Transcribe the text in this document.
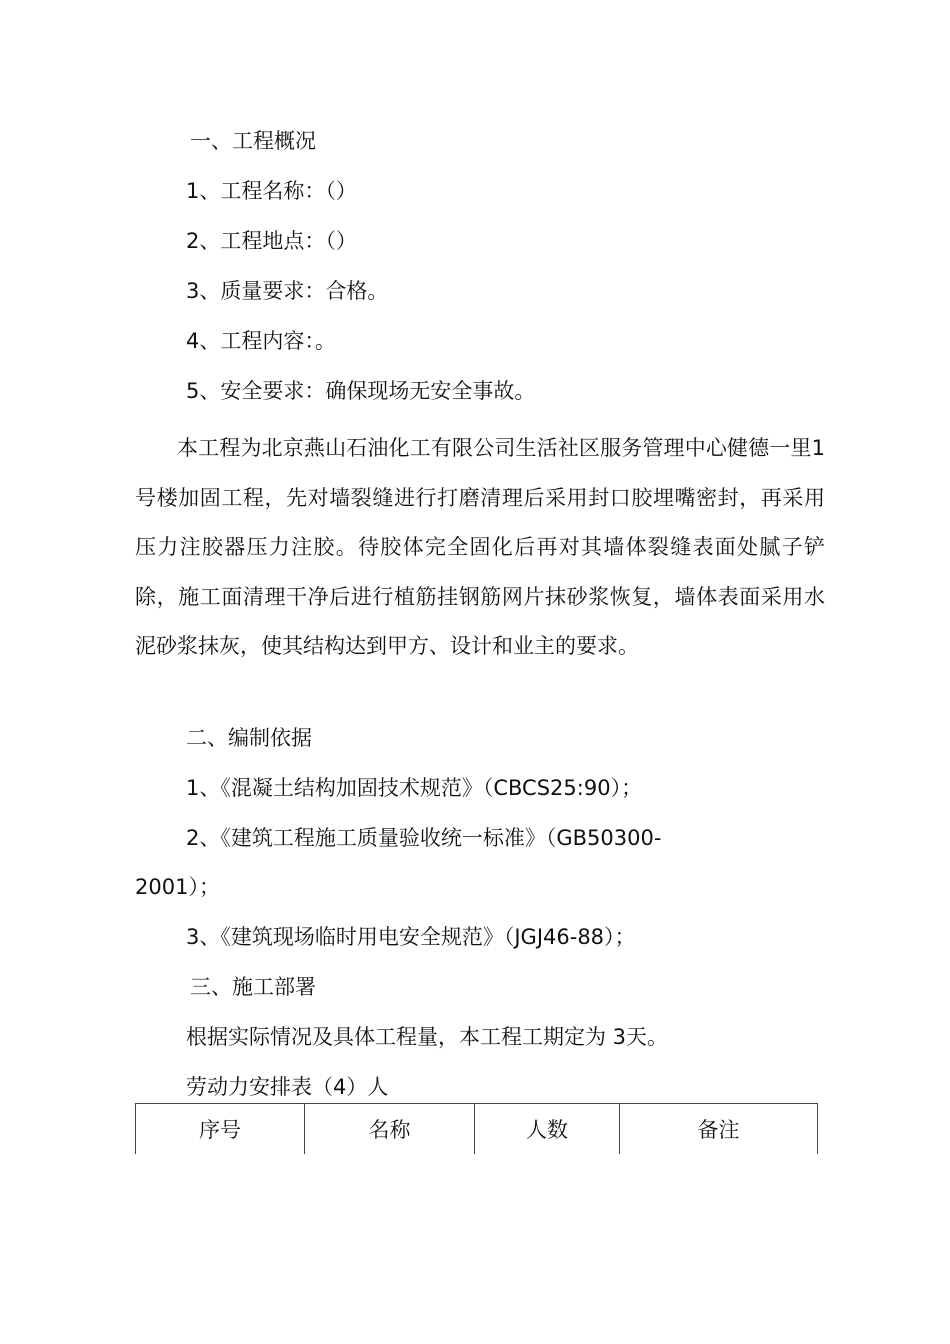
一、工程概况

1、工程名称：（）

2、工程地点：（）

3、质量要求：合格。

4、工程内容：。

5、安全要求：确保现场无安全事故。

本工程为北京燕山石油化工有限公司生活社区服务管理中心健德一里1号楼加固工程，先对墙裂缝进行打磨清理后采用封口胶埋嘴密封，再采用压力注胶器压力注胶。待胶体完全固化后再对其墙体裂缝表面处腻子铲除，施工面清理干净后进行植筋挂钢筋网片抹砂浆恢复，墙体表面采用水泥砂浆抹灰，使其结构达到甲方、设计和业主的要求。

二、编制依据

1、《混凝土结构加固技术规范》（CBCS25:90）；

2、《建筑工程施工质量验收统一标准》（GB50300-

2001）；

3、《建筑现场临时用电安全规范》（JGJ46-88）；

三、施工部署

根据实际情况及具体工程量，本工程工期定为 3天。

劳动力安排表（4）人

序号	名称	人数	备注
